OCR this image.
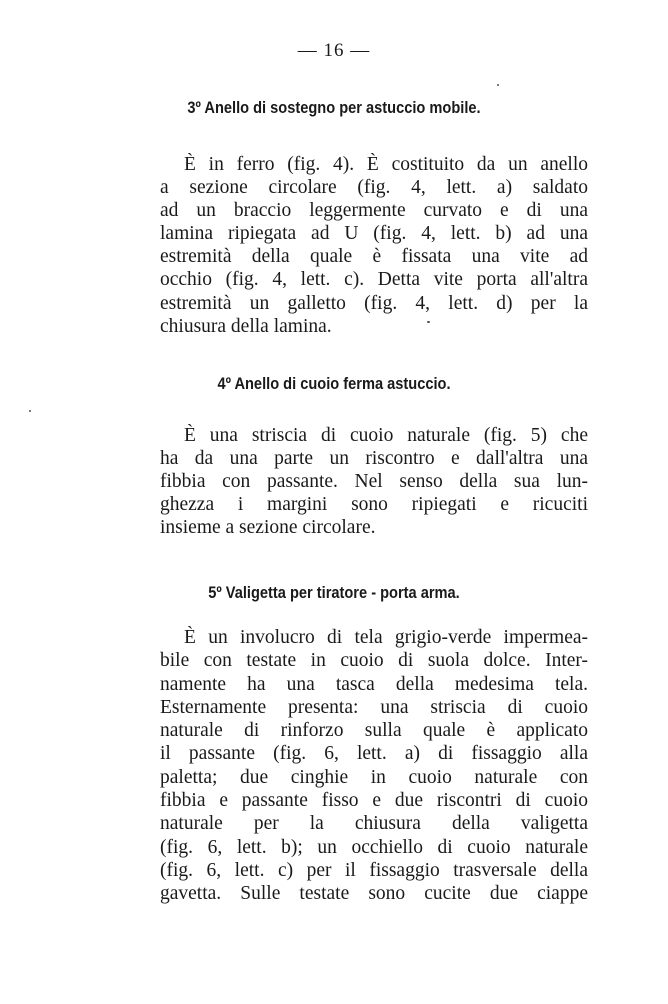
— 16 —
3º Anello di sostegno per astuccio mobile.
È in ferro (fig. 4). È costituito da un anello
a sezione circolare (fig. 4, lett. a) saldato
ad un braccio leggermente curvato e di una
lamina ripiegata ad U (fig. 4, lett. b) ad una
estremità della quale è fissata una vite ad
occhio (fig. 4, lett. c). Detta vite porta all'altra
estremità un galletto (fig. 4, lett. d) per la
chiusura della lamina.
4º Anello di cuoio ferma astuccio.
È una striscia di cuoio naturale (fig. 5) che
ha da una parte un riscontro e dall'altra una
fibbia con passante. Nel senso della sua lun-
ghezza i margini sono ripiegati e ricuciti
insieme a sezione circolare.
5º Valigetta per tiratore - porta arma.
È un involucro di tela grigio-verde impermea-
bile con testate in cuoio di suola dolce. Inter-
namente ha una tasca della medesima tela.
Esternamente presenta: una striscia di cuoio
naturale di rinforzo sulla quale è applicato
il passante (fig. 6, lett. a) di fissaggio alla
paletta; due cinghie in cuoio naturale con
fibbia e passante fisso e due riscontri di cuoio
naturale per la chiusura della valigetta
(fig. 6, lett. b); un occhiello di cuoio naturale
(fig. 6, lett. c) per il fissaggio trasversale della
gavetta. Sulle testate sono cucite due ciappe
